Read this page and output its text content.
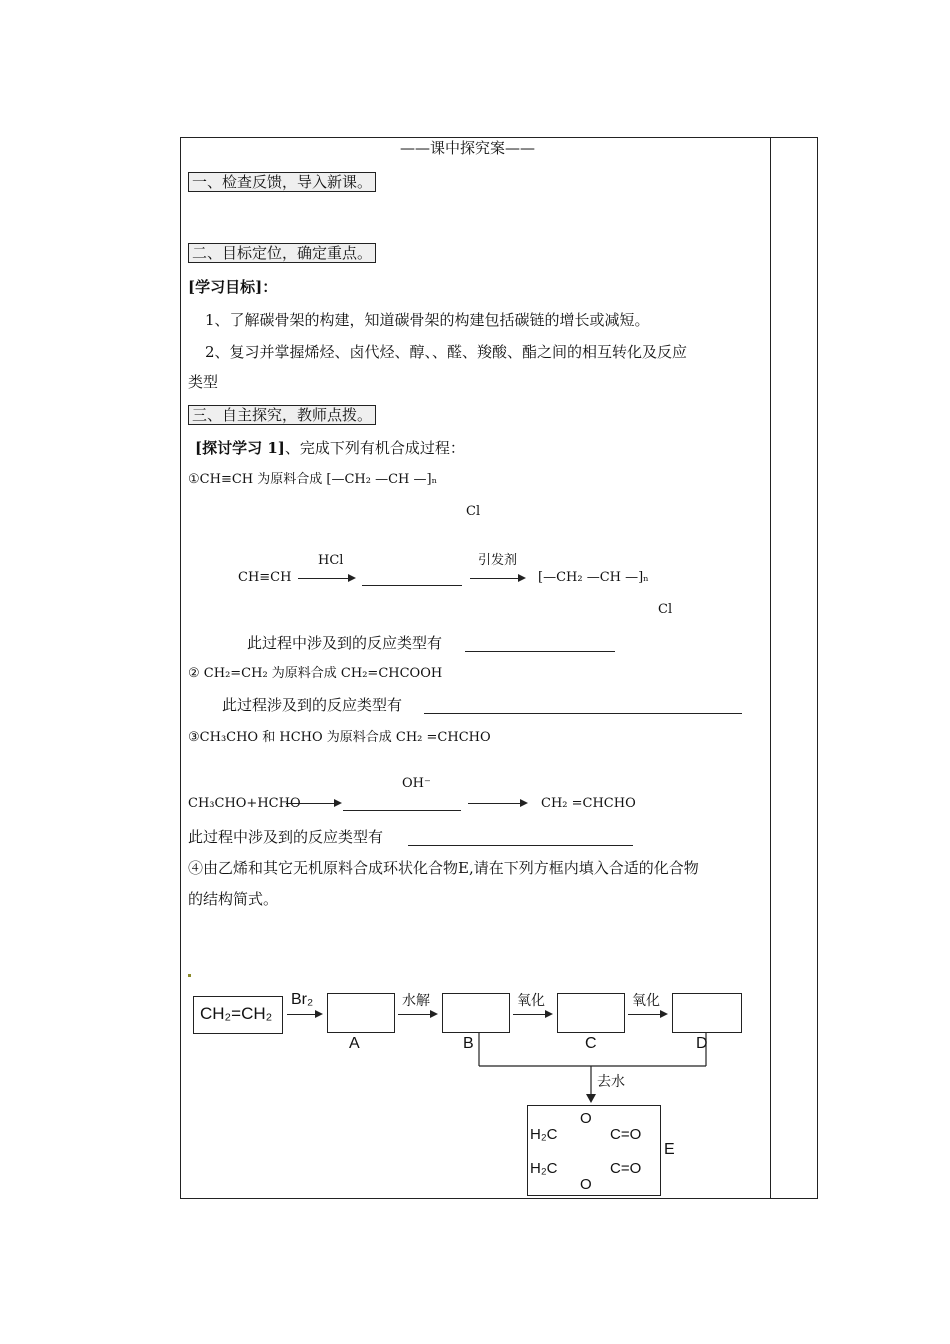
——课中探究案——
一、检查反馈，导入新课。
二、目标定位，确定重点。
[学习目标]：
1、了解碳骨架的构建，知道碳骨架的构建包括碳链的增长或减短。
2、复习并掌握烯烃、卤代烃、醇、、醛、羧酸、酯之间的相互转化及反应
类型
三、自主探究，教师点拨。
[探讨学习 1]、完成下列有机合成过程：
①CH≡CH 为原料合成 [—CH₂ —CH —]ₙ
Cl
CH≡CH
HCl	引发剂
[—CH₂ —CH —]ₙ
Cl
此过程中涉及到的反应类型有
② CH₂=CH₂ 为原料合成 CH₂=CHCOOH
此过程涉及到的反应类型有
③CH₃CHO 和 HCHO 为原料合成 CH₂ =CHCHO
OH⁻
CH₃CHO+HCHO	CH₂ =CHCHO
此过程中涉及到的反应类型有
④由乙烯和其它无机原料合成环状化合物E,请在下列方框内填入合适的化合物
的结构简式。
CH₂=CH₂
Br₂
A
水解
B
氧化
C
氧化
D
去水
H₂C
H₂C
O
O
C=O
C=O
E
